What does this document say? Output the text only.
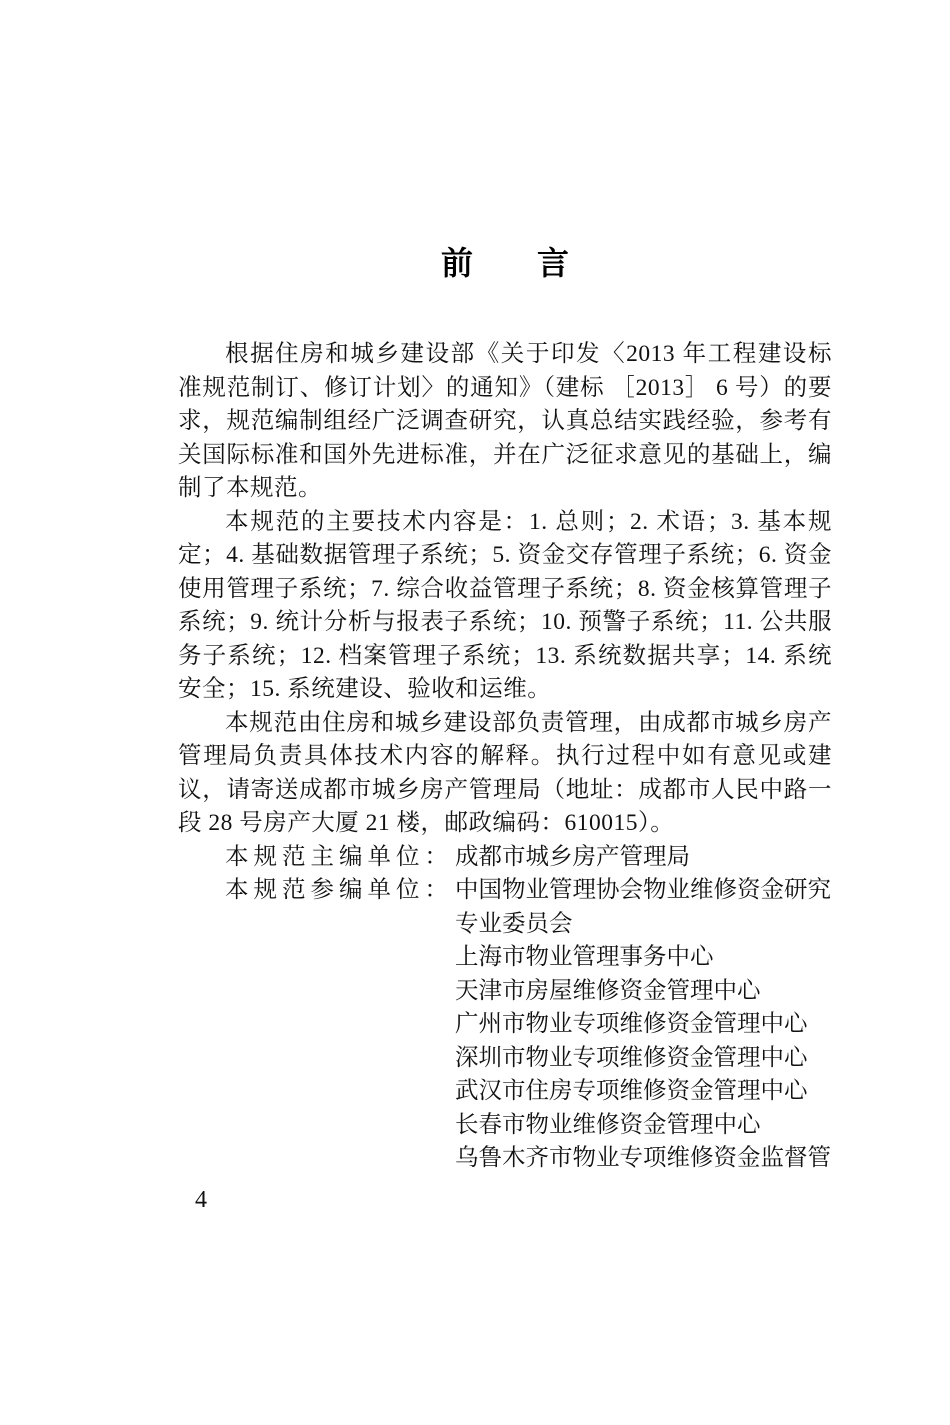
前　　言

根据住房和城乡建设部《关于印发〈2013 年工程建设标准规范制订、修订计划〉的通知》（建标 ［2013］ 6 号）的要求，规范编制组经广泛调查研究，认真总结实践经验，参考有关国际标准和国外先进标准，并在广泛征求意见的基础上，编制了本规范。

本规范的主要技术内容是：1. 总则；2. 术语；3. 基本规定；4. 基础数据管理子系统；5. 资金交存管理子系统；6. 资金使用管理子系统；7. 综合收益管理子系统；8. 资金核算管理子系统；9. 统计分析与报表子系统；10. 预警子系统；11. 公共服务子系统；12. 档案管理子系统；13. 系统数据共享；14. 系统安全；15. 系统建设、验收和运维。

本规范由住房和城乡建设部负责管理，由成都市城乡房产管理局负责具体技术内容的解释。执行过程中如有意见或建议，请寄送成都市城乡房产管理局（地址：成都市人民中路一段 28 号房产大厦 21 楼，邮政编码：610015）。

本规范主编单位： 成都市城乡房产管理局
本规范参编单位： 中国物业管理协会物业维修资金研究
专业委员会
上海市物业管理事务中心
天津市房屋维修资金管理中心
广州市物业专项维修资金管理中心
深圳市物业专项维修资金管理中心
武汉市住房专项维修资金管理中心
长春市物业维修资金管理中心
乌鲁木齐市物业专项维修资金监督管
4
